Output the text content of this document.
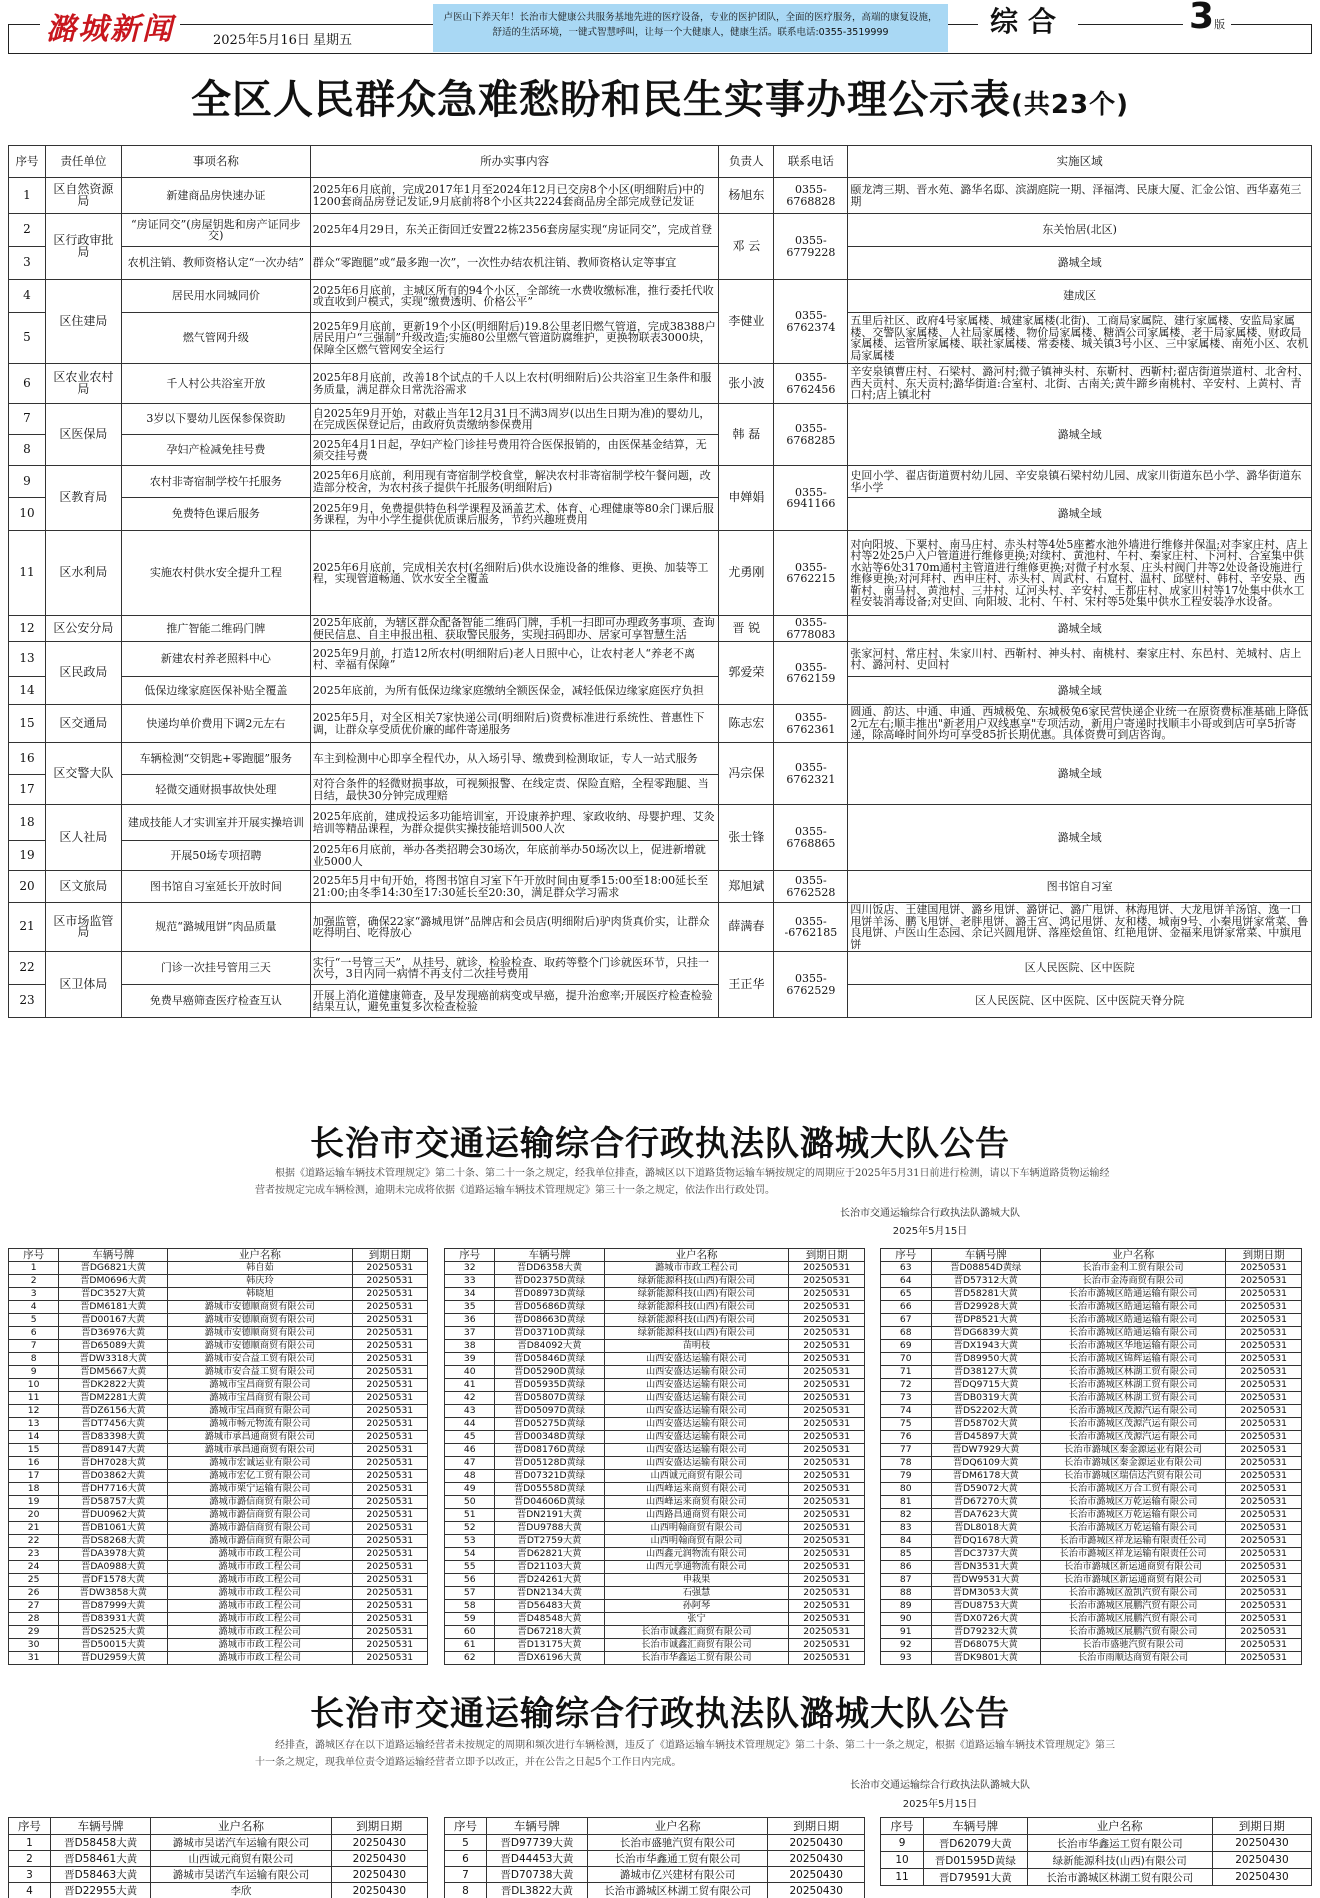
潞城新闻	2025年5月16日 星期五
卢医山下养天年！长治市大健康公共服务基地先进的医疗设备，专业的医护团队，全面的医疗服务，高端的康复设施，舒适的生活环境，一键式智慧呼叫，让每一个大健康人，健康生活。联系电话:0355-3519999	综合	3版
全区人民群众急难愁盼和民生实事办理公示表(共23个)
序号	责任单位	事项名称	所办实事内容	负责人	联系电话	实施区域
1	区自然资源局	新建商品房快速办证	2025年6月底前，完成2017年1月至2024年12月已交房8个小区(明细附后)中的1200套商品房登记发证,9月底前将8个小区共2224套商品房全部完成登记发证	杨旭东	0355-6768828	颐龙湾三期、晋水苑、潞华名邸、滨湖庭院一期、泽福湾、民康大厦、汇金公馆、西华嘉苑三期
2	区行政审批局	“房证同交”(房屋钥匙和房产证同步交)	2025年4月29日，东关正街回迁安置22栋2356套房屋实现“房证同交”，完成首登	邓 云	0355-6779228	东关怡居(北区)
3		农机注销、教师资格认定“一次办结”	群众“零跑腿”或“最多跑一次”，一次性办结农机注销、教师资格认定等事宜			潞城全域
4	区住建局	居民用水同城同价	2025年6月底前，主城区所有的94个小区，全部统一水费收缴标准，推行委托代收或直收到户模式，实现“缴费透明、价格公平”	李健业	0355-6762374	建成区
5		燃气管网升级	2025年9月底前，更新19个小区(明细附后)19.8公里老旧燃气管道，完成38388户居民用户“三强制”升级改造;实施80公里燃气管道防腐维护，更换物联表3000块，保障全区燃气管网安全运行			五里后社区、政府4号家属楼、城建家属楼(北街)、工商局家属院、建行家属楼、安监局家属楼、交警队家属楼、人社局家属楼、物价局家属楼、糖酒公司家属楼、老干局家属楼、财政局家属楼、运管所家属楼、联社家属楼、常委楼、城关镇3号小区、三中家属楼、南苑小区、农机局家属楼
6	区农业农村局	千人村公共浴室开放	2025年8月底前，改善18个试点的千人以上农村(明细附后)公共浴室卫生条件和服务质量，满足群众日常洗浴需求	张小波	0355-6762456	辛安泉镇曹庄村、石梁村、潞河村;微子镇神头村、东靳村、西靳村;翟店街道崇道村、北舍村、西天贡村、东天贡村;潞华街道:合室村、北街、古南关;黄牛蹄乡南桃村、辛安村、上黄村、青口村;店上镇北村
7	区医保局	3岁以下婴幼儿医保参保资助	自2025年9月开始，对截止当年12月31日不满3周岁(以出生日期为准)的婴幼儿，在完成医保登记后，由政府负责缴纳参保费用	韩 磊	0355-6768285	潞城全域
8		孕妇产检减免挂号费	2025年4月1日起，孕妇产检门诊挂号费用符合医保报销的，由医保基金结算，无须交挂号费			
9	区教育局	农村非寄宿制学校午托服务	2025年6月底前，利用现有寄宿制学校食堂，解决农村非寄宿制学校午餐问题，改造部分校舍，为农村孩子提供午托服务(明细附后)	申婵娟	0355-6941166	史回小学、翟店街道贾村幼儿园、辛安泉镇石梁村幼儿园、成家川街道东邑小学、潞华街道东华小学
10		免费特色课后服务	2025年9月，免费提供特色科学课程及涵盖艺术、体育、心理健康等80余门课后服务课程，为中小学生提供优质课后服务，节约兴趣班费用			潞城全域
11	区水利局	实施农村供水安全提升工程	2025年6月底前，完成相关农村(名细附后)供水设施设备的维修、更换、加装等工程，实现管道畅通、饮水安全全覆盖	尤勇刚	0355-6762215	对向阳坡、下粟村、南马庄村、赤头村等4处5座蓄水池外墙进行维修并保温;对李家庄村、店上村等2处25户入户管道进行维修更换;对续村、黄池村、午村、秦家庄村、下河村、合室集中供水站等6处3170m通村主管道进行维修更换;对微子村水泵、庄头村阀门井等2处设备设施进行维修更换;对河拜村、西申庄村、赤头村、周武村、石窟村、温村、邱壁村、韩村、辛安泉、西靳村、南马村、黄池村、三井村、辽河头村、辛安村、王都庄村、成家川村等17处集中供水工程安装消毒设备;对史回、向阳坡、北村、午村、宋村等5处集中供水工程安装净水设备。
12	区公安分局	推广智能二维码门牌	2025年底前，为辖区群众配备智能二维码门牌，手机一扫即可办理政务事项、查询便民信息、自主申报出租、获取警民服务，实现扫码即办、居家可享智慧生活	晋 锐	0355-6778083	潞城全域
13	区民政局	新建农村养老照料中心	2025年9月前，打造12所农村(明细附后)老人日照中心，让农村老人“养老不离村、幸福有保障”	郭爱荣	0355-6762159	张家河村、常庄村、朱家川村、西靳村、神头村、南桃村、秦家庄村、东邑村、羌城村、店上村、潞河村、史回村
14		低保边缘家庭医保补贴全覆盖	2025年底前，为所有低保边缘家庭缴纳全额医保金，减轻低保边缘家庭医疗负担			潞城全域
15	区交通局	快递均单价费用下调2元左右	2025年5月，对全区相关7家快递公司(明细附后)资费标准进行系统性、普惠性下调，让群众享受质优价廉的邮件寄递服务	陈志宏	0355-6762361	圆通、韵达、中通、申通、西城极兔、东城极兔6家民营快递企业统一在原资费标准基础上降低2元左右;顺丰推出"新老用户双线惠享"专项活动，新用户寄递时找顺丰小哥或到店可享5折寄递，除高峰时间外均可享受85折长期优惠。具体资费可到店咨询。
16	区交警大队	车辆检测“交钥匙+零跑腿”服务	车主到检测中心即享全程代办，从入场引导、缴费到检测取证，专人一站式服务	冯宗保	0355-6762321	潞城全域
17		轻微交通财损事故快处理	对符合条件的轻微财损事故，可视频报警、在线定责、保险直赔，全程零跑腿、当日结，最快30分钟完成理赔			
18	区人社局	建成技能人才实训室并开展实操培训	2025年底前，建成投运多功能培训室，开设康养护理、家政收纳、母婴护理、艾灸培训等精品课程，为群众提供实操技能培训500人次	张士锋	0355-6768865	潞城全域
19		开展50场专项招聘	2025年6月底前，举办各类招聘会30场次，年底前举办50场次以上，促进新增就业5000人			
20	区文旅局	图书馆自习室延长开放时间	2025年5月中旬开始，将图书馆自习室下午开放时间由夏季15:00至18:00延长至21:00;由冬季14:30至17:30延长至20:30，满足群众学习需求	郑旭斌	0355-6762528	图书馆自习室
21	区市场监管局	规范“潞城甩饼”肉品质量	加强监管，确保22家“潞城甩饼”品牌店和会员店(明细附后)驴肉货真价实，让群众吃得明白、吃得放心	薛满春	0355--6762185	四川饭店、王建国甩饼、潞乡甩饼、潞饼记、潞广甩饼、林海甩饼、大龙甩饼羊汤馆、逸一口甩饼羊汤、鹏飞甩饼、老胖甩饼、潞王宫、鸿记甩饼、友和楼、城南9号、小秦甩饼家常菜、鲁良甩饼、卢医山生态园、余记兴圆甩饼、落座烩鱼馆、红艳甩饼、金福来甩饼家常菜、中旗甩饼
22	区卫体局	门诊一次挂号管用三天	实行“一号管三天”，从挂号、就诊、检验检查、取药等整个门诊就医环节，只挂一次号，3日内同一病情不再支付二次挂号费用	王正华	0355-6762529	区人民医院、区中医院
23		免费早癌筛查医疗检查互认	开展上消化道健康筛查，及早发现癌前病变或早癌，提升治愈率;开展医疗检查检验结果互认，避免重复多次检查检验			区人民医院、区中医院、区中医院天脊分院
长治市交通运输综合行政执法队潞城大队公告
根据《道路运输车辆技术管理规定》第二十条、第二十一条之规定，经我单位排查，潞城区以下道路货物运输车辆按规定的周期应于2025年5月31日前进行检测，请以下车辆道路货物运输经营者按规定完成车辆检测，逾期未完成将依据《道路运输车辆技术管理规定》第三十一条之规定，依法作出行政处罚。
长治市交通运输综合行政执法队潞城大队
2025年5月15日
序号	车辆号牌	业户名称	到期日期
1	晋DG6821大黄	韩自茹	20250531
2	晋DM0696大黄	韩庆玲	20250531
3	晋DC3527大黄	韩晓旭	20250531
4	晋DM6181大黄	潞城市安德顺商贸有限公司	20250531
5	晋D00167大黄	潞城市安德顺商贸有限公司	20250531
6	晋D36976大黄	潞城市安德顺商贸有限公司	20250531
7	晋D65089大黄	潞城市安德顺商贸有限公司	20250531
8	晋DW3318大黄	潞城市安合益工贸有限公司	20250531
9	晋DM5667大黄	潞城市安合益工贸有限公司	20250531
10	晋DK2822大黄	潞城市宝昌商贸有限公司	20250531
11	晋DM2281大黄	潞城市宝昌商贸有限公司	20250531
12	晋DZ6156大黄	潞城市宝昌商贸有限公司	20250531
13	晋DT7456大黄	潞城市畅元物流有限公司	20250531
14	晋D83398大黄	潞城市承昌通商贸有限公司	20250531
15	晋D89147大黄	潞城市承昌通商贸有限公司	20250531
16	晋DH7028大黄	潞城市宏诚运业有限公司	20250531
17	晋D03862大黄	潞城市宏亿工贸有限公司	20250531
18	晋DH7716大黄	潞城市栗宁运输有限公司	20250531
19	晋D58757大黄	潞城市潞信商贸有限公司	20250531
20	晋DU0962大黄	潞城市潞信商贸有限公司	20250531
21	晋DB1061大黄	潞城市潞信商贸有限公司	20250531
22	晋DS8268大黄	潞城市潞信商贸有限公司	20250531
23	晋DA3978大黄	潞城市市政工程公司	20250531
24	晋DA0988大黄	潞城市市政工程公司	20250531
25	晋DF1578大黄	潞城市市政工程公司	20250531
26	晋DW3858大黄	潞城市市政工程公司	20250531
27	晋D87999大黄	潞城市市政工程公司	20250531
28	晋D83931大黄	潞城市市政工程公司	20250531
29	晋DS2525大黄	潞城市市政工程公司	20250531
30	晋D50015大黄	潞城市市政工程公司	20250531
31	晋DU2959大黄	潞城市市政工程公司	20250531
序号	车辆号牌	业户名称	到期日期
32	晋DD6358大黄	潞城市市政工程公司	20250531
33	晋D02375D黄绿	绿新能源科技(山西)有限公司	20250531
34	晋D08973D黄绿	绿新能源科技(山西)有限公司	20250531
35	晋D05686D黄绿	绿新能源科技(山西)有限公司	20250531
36	晋D08663D黄绿	绿新能源科技(山西)有限公司	20250531
37	晋D03710D黄绿	绿新能源科技(山西)有限公司	20250531
38	晋D84092大黄	苗明枝	20250531
39	晋D05846D黄绿	山西安盛达运输有限公司	20250531
40	晋D05290D黄绿	山西安盛达运输有限公司	20250531
41	晋D05935D黄绿	山西安盛达运输有限公司	20250531
42	晋D05807D黄绿	山西安盛达运输有限公司	20250531
43	晋D05097D黄绿	山西安盛达运输有限公司	20250531
44	晋D05275D黄绿	山西安盛达运输有限公司	20250531
45	晋D00348D黄绿	山西安盛达运输有限公司	20250531
46	晋D08176D黄绿	山西安盛达运输有限公司	20250531
47	晋D05128D黄绿	山西安盛达运输有限公司	20250531
48	晋D07321D黄绿	山西诚元商贸有限公司	20250531
49	晋D05558D黄绿	山西峰运来商贸有限公司	20250531
50	晋D04606D黄绿	山西峰运来商贸有限公司	20250531
51	晋DN2191大黄	山西路昌通商贸有限公司	20250531
52	晋DU9788大黄	山西明翰商贸有限公司	20250531
53	晋DT2759大黄	山西明翰商贸有限公司	20250531
54	晋D62821大黄	山西鑫元润物流有限公司	20250531
55	晋D21103大黄	山西元享通物流有限公司	20250531
56	晋D24261大黄	申栽果	20250531
57	晋DN2134大黄	石强慧	20250531
58	晋D56483大黄	孙阿琴	20250531
59	晋D48548大黄	张宁	20250531
60	晋D67218大黄	长治市诚鑫汇商贸有限公司	20250531
61	晋D13175大黄	长治市诚鑫汇商贸有限公司	20250531
62	晋DX6196大黄	长治市华鑫运工贸有限公司	20250531
序号	车辆号牌	业户名称	到期日期
63	晋D08854D黄绿	长治市金利工贸有限公司	20250531
64	晋D57312大黄	长治市金涛商贸有限公司	20250531
65	晋D58281大黄	长治市潞城区皓通运输有限公司	20250531
66	晋D29928大黄	长治市潞城区皓通运输有限公司	20250531
67	晋DP8521大黄	长治市潞城区皓通运输有限公司	20250531
68	晋DG6839大黄	长治市潞城区皓通运输有限公司	20250531
69	晋DX1943大黄	长治市潞城区华地运输有限公司	20250531
70	晋D89950大黄	长治市潞城区锦辉运输有限公司	20250531
71	晋D38127大黄	长治市潞城区林湖工贸有限公司	20250531
72	晋DQ9715大黄	长治市潞城区林湖工贸有限公司	20250531
73	晋DB0319大黄	长治市潞城区林湖工贸有限公司	20250531
74	晋DS2202大黄	长治市潞城区茂源汽运有限公司	20250531
75	晋D58702大黄	长治市潞城区茂源汽运有限公司	20250531
76	晋D45897大黄	长治市潞城区茂源汽运有限公司	20250531
77	晋DW7929大黄	长治市潞城区秦金源运业有限公司	20250531
78	晋DQ6109大黄	长治市潞城区秦金源运业有限公司	20250531
79	晋DM6178大黄	长治市潞城区瑞信达汽贸有限公司	20250531
80	晋D59072大黄	长治市潞城区万合工贸有限公司	20250531
81	晋D67270大黄	长治市潞城区万乾运输有限公司	20250531
82	晋DA7623大黄	长治市潞城区万乾运输有限公司	20250531
83	晋DL8018大黄	长治市潞城区万乾运输有限公司	20250531
84	晋DQ1678大黄	长治市潞城区祥龙运输有限责任公司	20250531
85	晋DC3737大黄	长治市潞城区祥龙运输有限责任公司	20250531
86	晋DN3531大黄	长治市潞城区新运通商贸有限公司	20250531
87	晋DW9531大黄	长治市潞城区新运通商贸有限公司	20250531
88	晋DM3053大黄	长治市潞城区盈凯汽贸有限公司	20250531
89	晋DU8753大黄	长治市潞城区展鹏汽贸有限公司	20250531
90	晋DX0726大黄	长治市潞城区展鹏汽贸有限公司	20250531
91	晋D79232大黄	长治市潞城区展鹏汽贸有限公司	20250531
92	晋D68075大黄	长治市盛驰汽贸有限公司	20250531
93	晋DK9801大黄	长治市雨顺达商贸有限公司	20250531
长治市交通运输综合行政执法队潞城大队公告
经排查，潞城区存在以下道路运输经营者未按规定的周期和频次进行车辆检测，违反了《道路运输车辆技术管理规定》第二十条、第二十一条之规定，根据《道路运输车辆技术管理规定》第三十一条之规定，现我单位责令道路运输经营者立即予以改正，并在公告之日起5个工作日内完成。
长治市交通运输综合行政执法队潞城大队
2025年5月15日
序号	车辆号牌	业户名称	到期日期
1	晋D58458大黄	潞城市昊诺汽车运输有限公司	20250430
2	晋D58461大黄	山西诚元商贸有限公司	20250430
3	晋D58463大黄	潞城市昊诺汽车运输有限公司	20250430
4	晋D22955大黄	李欣	20250430
序号	车辆号牌	业户名称	到期日期
5	晋D97739大黄	长治市盛驰汽贸有限公司	20250430
6	晋D44453大黄	长治市华鑫通工贸有限公司	20250430
7	晋D70738大黄	潞城市亿兴建材有限公司	20250430
8	晋DL3822大黄	长治市潞城区林湖工贸有限公司	20250430
序号	车辆号牌	业户名称	到期日期
9	晋D62079大黄	长治市华鑫运工贸有限公司	20250430
10	晋D01595D黄绿	绿新能源科技(山西)有限公司	20250430
11	晋D79591大黄	长治市潞城区林湖工贸有限公司	20250430
